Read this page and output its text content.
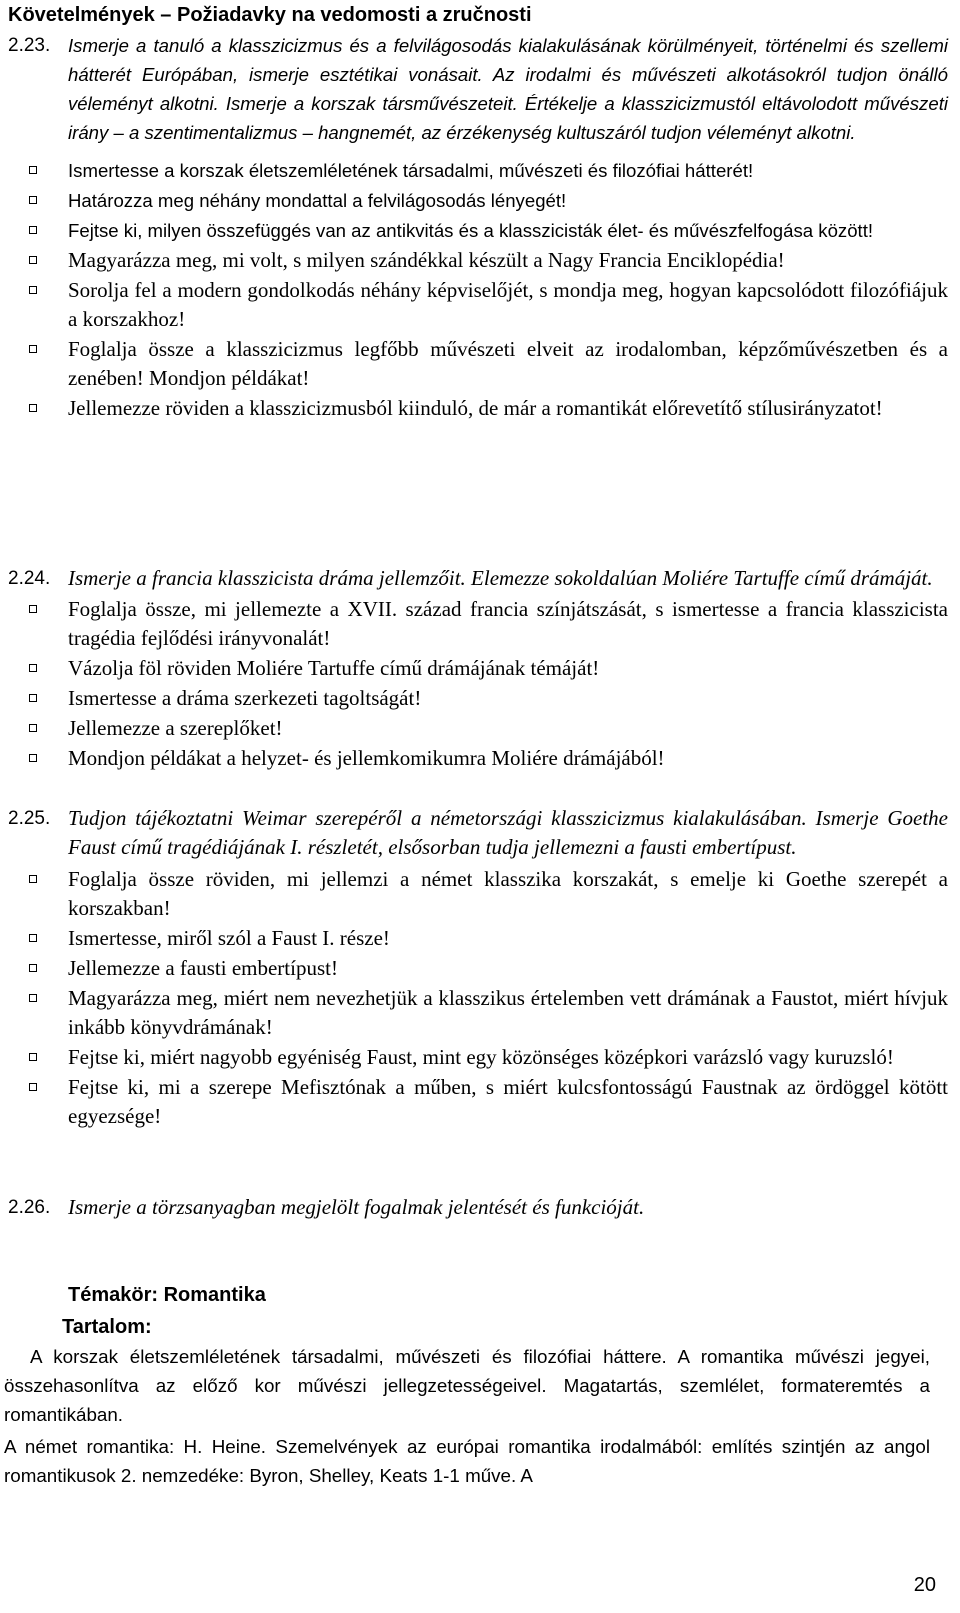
Követelmények – Požiadavky na vedomosti a zručnosti
2.23. Ismerje a tanuló a klasszicizmus és a felvilágosodás kialakulásának körülményeit, történelmi és szellemi hátterét Európában, ismerje esztétikai vonásait. Az irodalmi és művészeti alkotásokról tudjon önálló véleményt alkotni. Ismerje a korszak társművészeteit. Értékelje a klasszicizmustól eltávolodott művészeti irány – a szentimentalizmus – hangnemét, az érzékenység kultuszáról tudjon véleményt alkotni.

Ismertesse a korszak életszemléletének társadalmi, művészeti és filozófiai hátterét!
Határozza meg néhány mondattal a felvilágosodás lényegét!
Fejtse ki, milyen összefüggés van az antikvitás és a klasszicisták élet- és művészfelfogása között!
Magyarázza meg, mi volt, s milyen szándékkal készült a Nagy Francia Enciklopédia!
Sorolja fel a modern gondolkodás néhány képviselőjét, s mondja meg, hogyan kapcsolódott filozófiájuk a korszakhoz!
Foglalja össze a klasszicizmus legfőbb művészeti elveit az irodalomban, képzőművészetben és a zenében! Mondjon példákat!
Jellemezze röviden a klasszicizmusból kiinduló, de már a romantikát előrevetítő stílusirányzatot!
2.24. Ismerje a francia klasszicista dráma jellemzőit. Elemezze sokoldalúan Moliére Tartuffe című drámáját.

Foglalja össze, mi jellemezte a XVII. század francia színjátszását, s ismertesse a francia klasszicista tragédia fejlődési irányvonalát!
Vázolja föl röviden Moliére Tartuffe című drámájának témáját!
Ismertesse a dráma szerkezeti tagoltságát!
Jellemezze a szereplőket!
Mondjon példákat a helyzet- és jellemkomikumra Moliére drámájából!
2.25. Tudjon tájékoztatni Weimar szerepéről a németországi klasszicizmus kialakulásában. Ismerje Goethe Faust című tragédiájának I. részletét, elsősorban tudja jellemezni a fausti embertípust.

Foglalja össze röviden, mi jellemzi a német klasszika korszakát, s emelje ki Goethe szerepét a korszakban!
Ismertesse, miről szól a Faust I. része!
Jellemezze a fausti embertípust!
Magyarázza meg, miért nem nevezhetjük a klasszikus értelemben vett drámának a Faustot, miért hívjuk inkább könyvdrámának!
Fejtse ki, miért nagyobb egyéniség Faust, mint egy közönséges középkori varázsló vagy kuruzsló!
Fejtse ki, mi a szerepe Mefisztónak a műben, s miért kulcsfontosságú Faustnak az ördöggel kötött egyezsége!
2.26. Ismerje a törzsanyagban megjelölt fogalmak jelentését és funkcióját.

Témakör: Romantika
Tartalom:

A korszak életszemléletének társadalmi, művészeti és filozófiai háttere. A romantika művészi jegyei, összehasonlítva az előző kor művészi jellegzetességeivel. Magatartás, szemlélet, formateremtés a romantikában.

A német romantika: H. Heine. Szemelvények az európai romantika irodalmából: említés szintjén az angol romantikusok 2. nemzedéke: Byron, Shelley, Keats 1-1 műve. A

20
